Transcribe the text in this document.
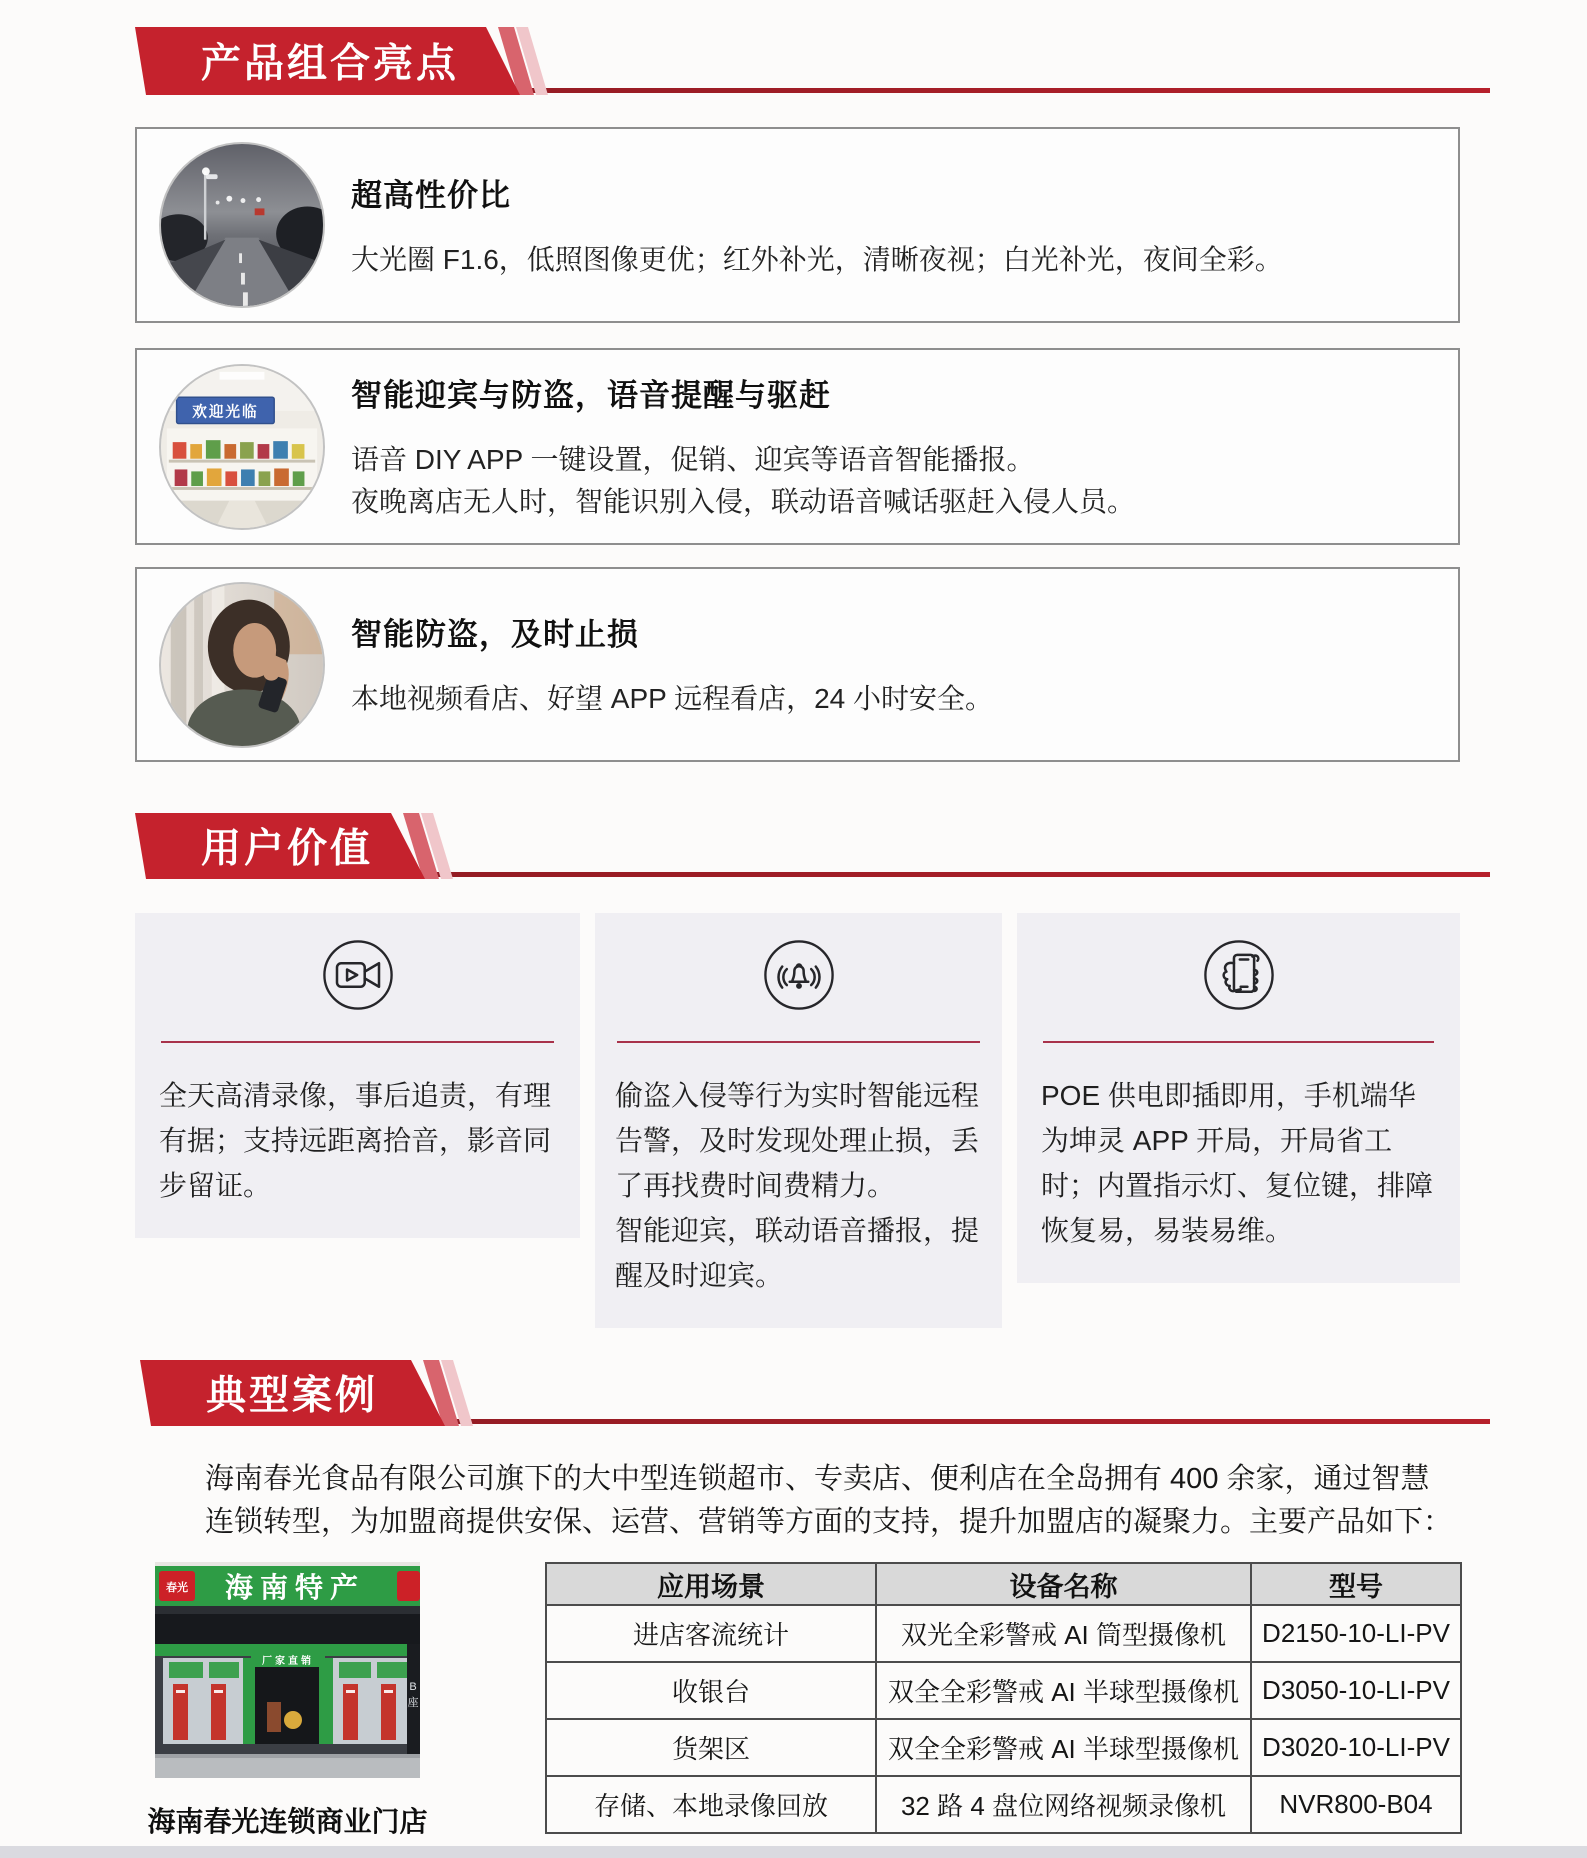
产品组合亮点
超高性价比
大光圈 F1.6，低照图像更优；红外补光，清晰夜视；白光补光，夜间全彩。
欢迎光临	智能迎宾与防盗，语音提醒与驱赶
语音 DIY APP 一键设置，促销、迎宾等语音智能播报。
夜晚离店无人时，智能识别入侵，联动语音喊话驱赶入侵人员。
智能防盗，及时止损
本地视频看店、好望 APP 远程看店，24 小时安全。
用户价值

全天高清录像，事后追责，有理有据；支持远距离拾音，影音同步留证。

偷盗入侵等行为实时智能远程告警，及时发现处理止损，丢了再找费时间费精力。

智能迎宾，联动语音播报，提醒及时迎宾。

POE 供电即插即用，手机端华为坤灵 APP 开局，开局省工时；内置指示灯、复位键，排障恢复易，易装易维。

典型案例
海南春光食品有限公司旗下的大中型连锁超市、专卖店、便利店在全岛拥有 400 余家，通过智慧
连锁转型，为加盟商提供安保、运营、营销等方面的支持，提升加盟店的凝聚力。主要产品如下：
春光 海南特产
厂家直销
B
座
海南春光连锁商业门店
应用场景	设备名称	型号
进店客流统计	双光全彩警戒 AI 筒型摄像机	D2150-10-LI-PV
收银台	双全全彩警戒 AI 半球型摄像机	D3050-10-LI-PV
货架区	双全全彩警戒 AI 半球型摄像机	D3020-10-LI-PV
存储、本地录像回放	32 路 4 盘位网络视频录像机	NVR800-B04
